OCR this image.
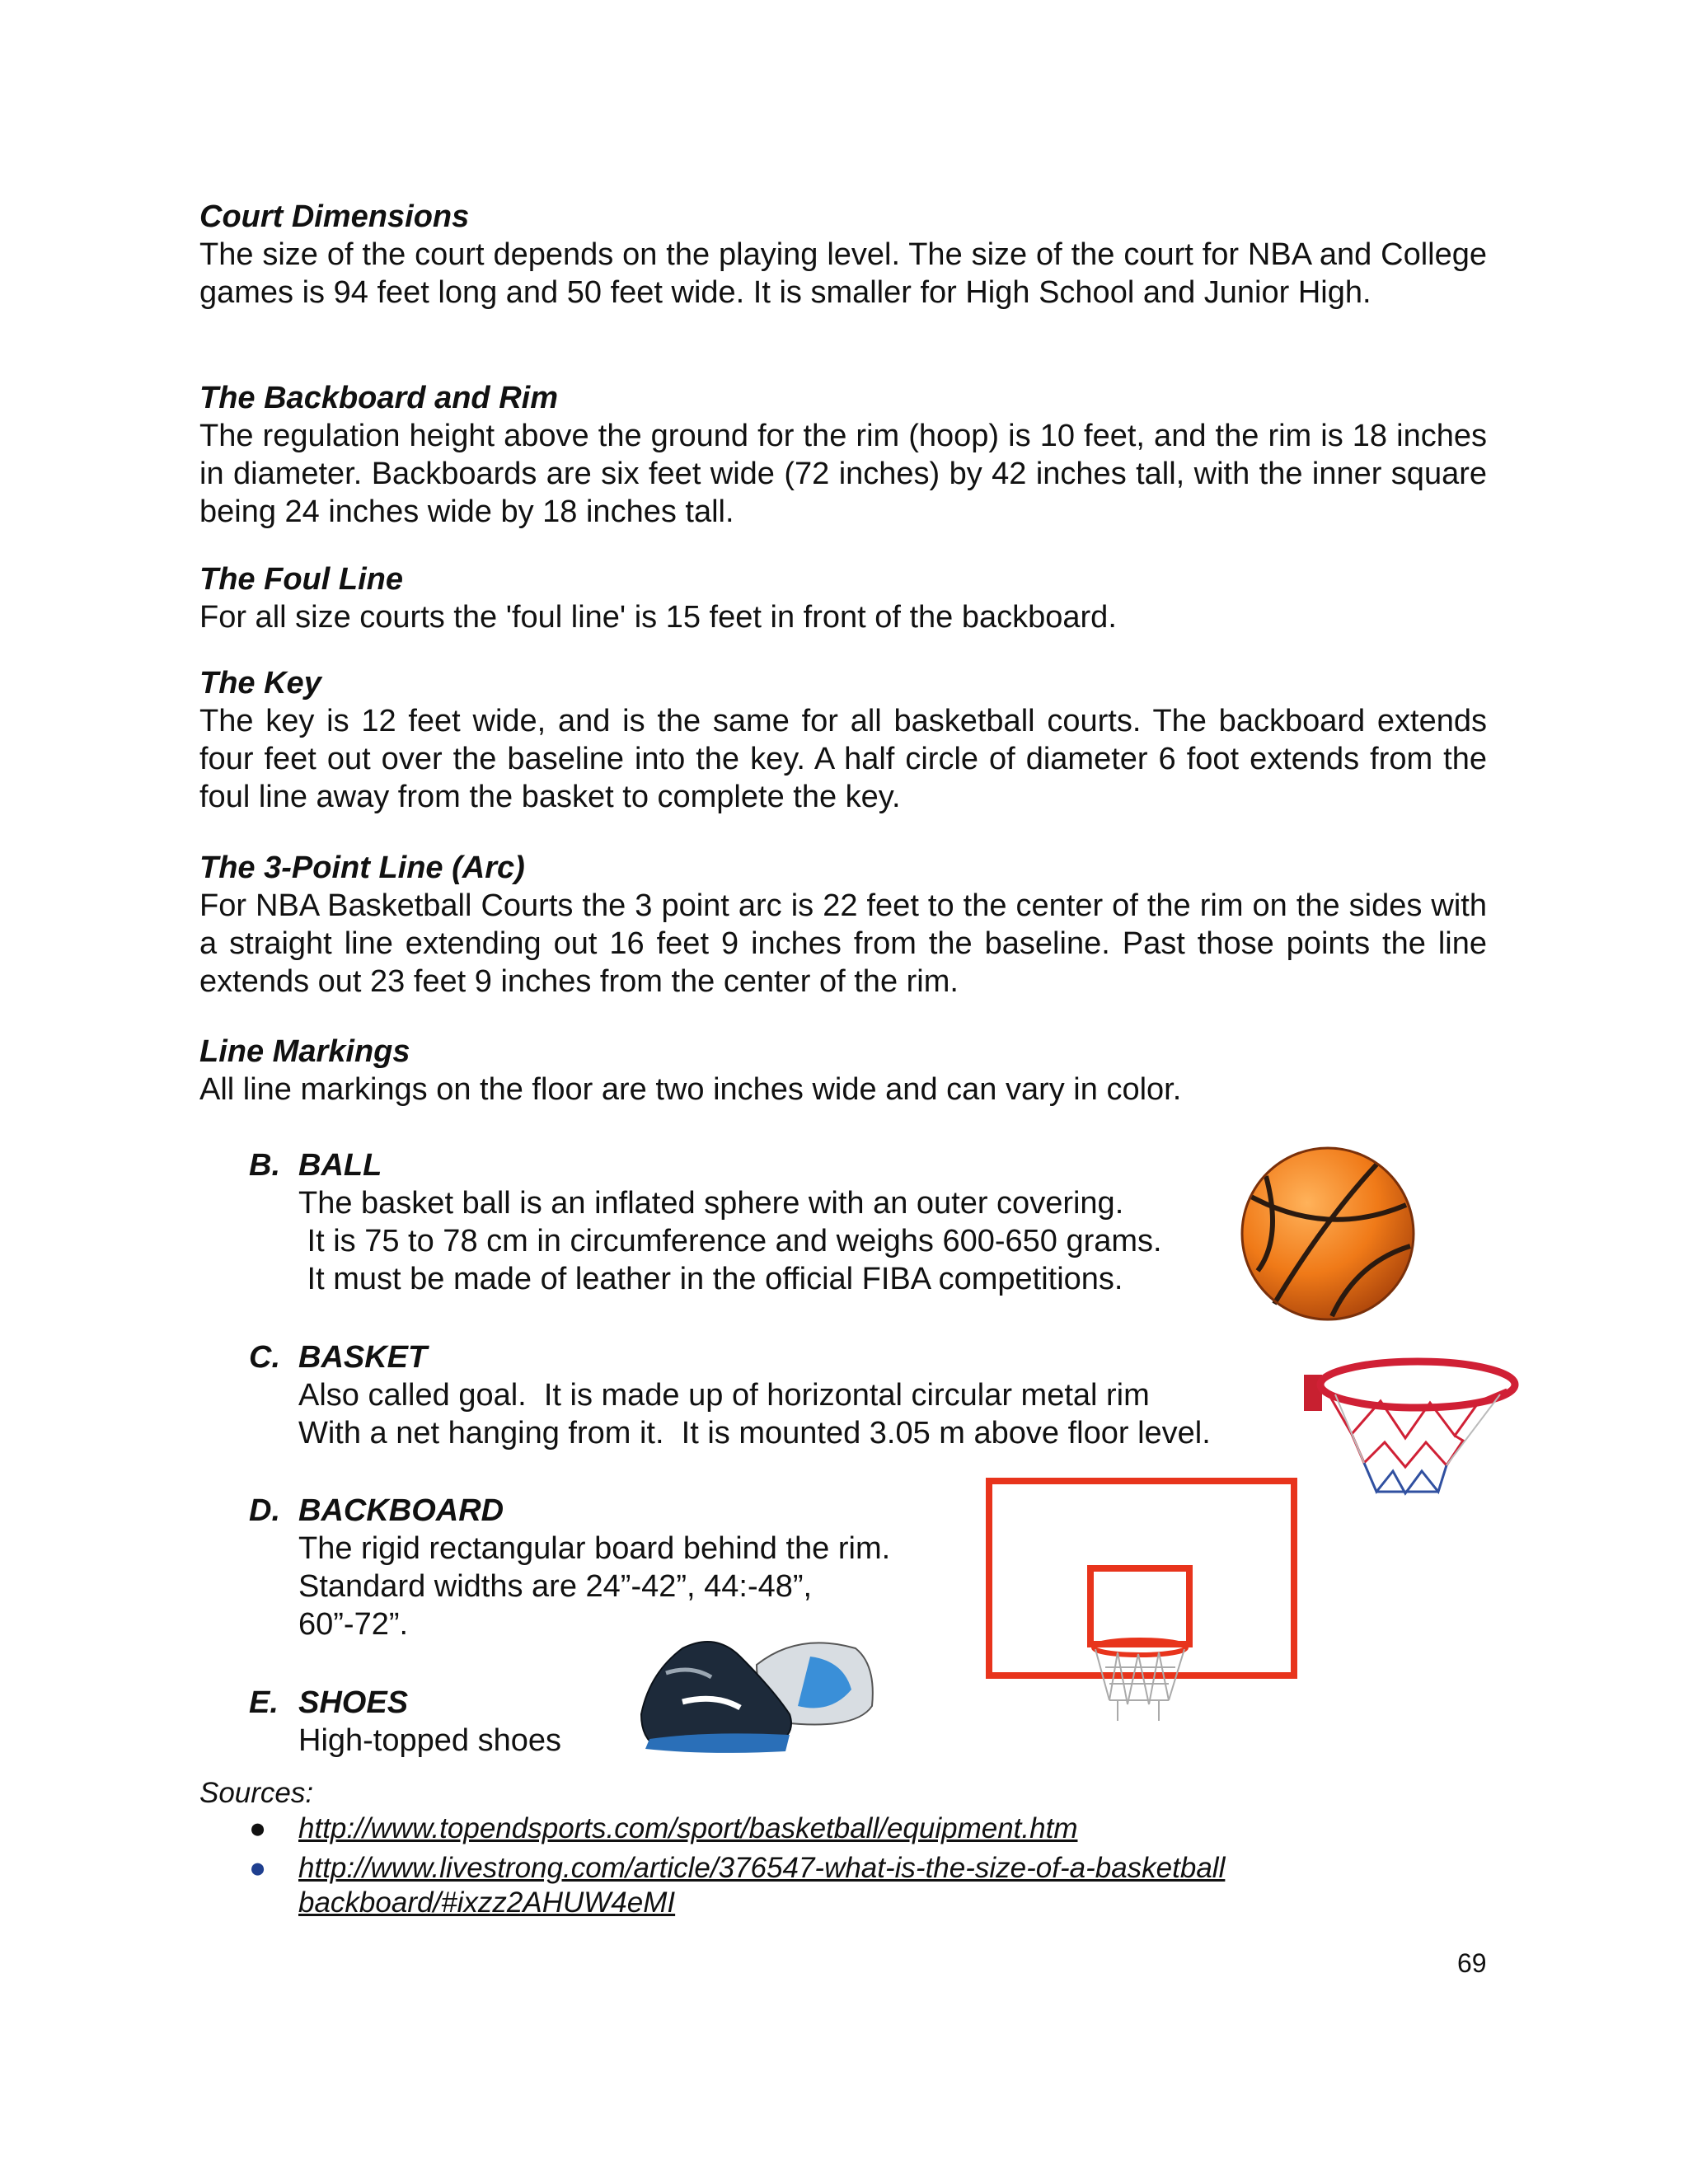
Court Dimensions

The size of the court depends on the playing level. The size of the court for NBA and College games is 94 feet long and 50 feet wide. It is smaller for High School and Junior High.

The Backboard and Rim

The regulation height above the ground for the rim (hoop) is 10 feet, and the rim is 18 inches in diameter. Backboards are six feet wide (72 inches) by 42 inches tall, with the inner square being 24 inches wide by 18 inches tall.

The Foul Line

For all size courts the 'foul line' is 15 feet in front of the backboard.

The Key

The key is 12 feet wide, and is the same for all basketball courts. The backboard extends four feet out over the baseline into the key. A half circle of diameter 6 foot extends from the foul line away from the basket to complete the key.

The 3-Point Line (Arc)

For NBA Basketball Courts the 3 point arc is 22 feet to the center of the rim on the sides with a straight line extending out 16 feet 9 inches from the baseline. Past those points the line extends out 23 feet 9 inches from the center of the rim.

Line Markings

All line markings on the floor are two inches wide and can vary in color.

B. BALL

The basket ball is an inflated sphere with an outer covering.

It is 75 to 78 cm in circumference and weighs 600-650 grams.

It must be made of leather in the official FIBA competitions.

C. BASKET

Also called goal.  It is made up of horizontal circular metal rim

With a net hanging from it.  It is mounted 3.05 m above floor level.

D. BACKBOARD

The rigid rectangular board behind the rim.

Standard widths are 24”-42”, 44:-48”,

60”-72”.

E. SHOES

High-topped shoes

Sources:
● http://www.topendsports.com/sport/basketball/equipment.htm
● http://www.livestrong.com/article/376547-what-is-the-size-of-a-basketball
backboard/#ixzz2AHUW4eMI
69
